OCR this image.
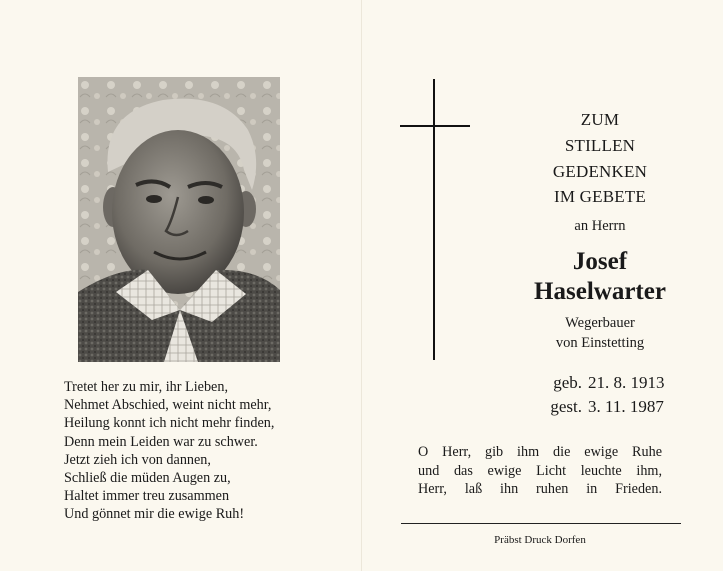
Tretet her zu mir, ihr Lieben,
Nehmet Abschied, weint nicht mehr,
Heilung konnt ich nicht mehr finden,
Denn mein Leiden war zu schwer.
Jetzt zieh ich von dannen,
Schließ die müden Augen zu,
Haltet immer treu zusammen
Und gönnet mir die ewige Ruh!
ZUM
STILLEN
GEDENKEN
IM GEBETE
an Herrn
Josef
Haselwarter
Wegerbauer
von Einstetting
geb. 21. 8. 1913
gest. 3. 11. 1987
O Herr, gib ihm die ewige Ruhe
und das ewige Licht leuchte ihm,
Herr, laß ihn ruhen in Frieden.
Präbst Druck Dorfen
